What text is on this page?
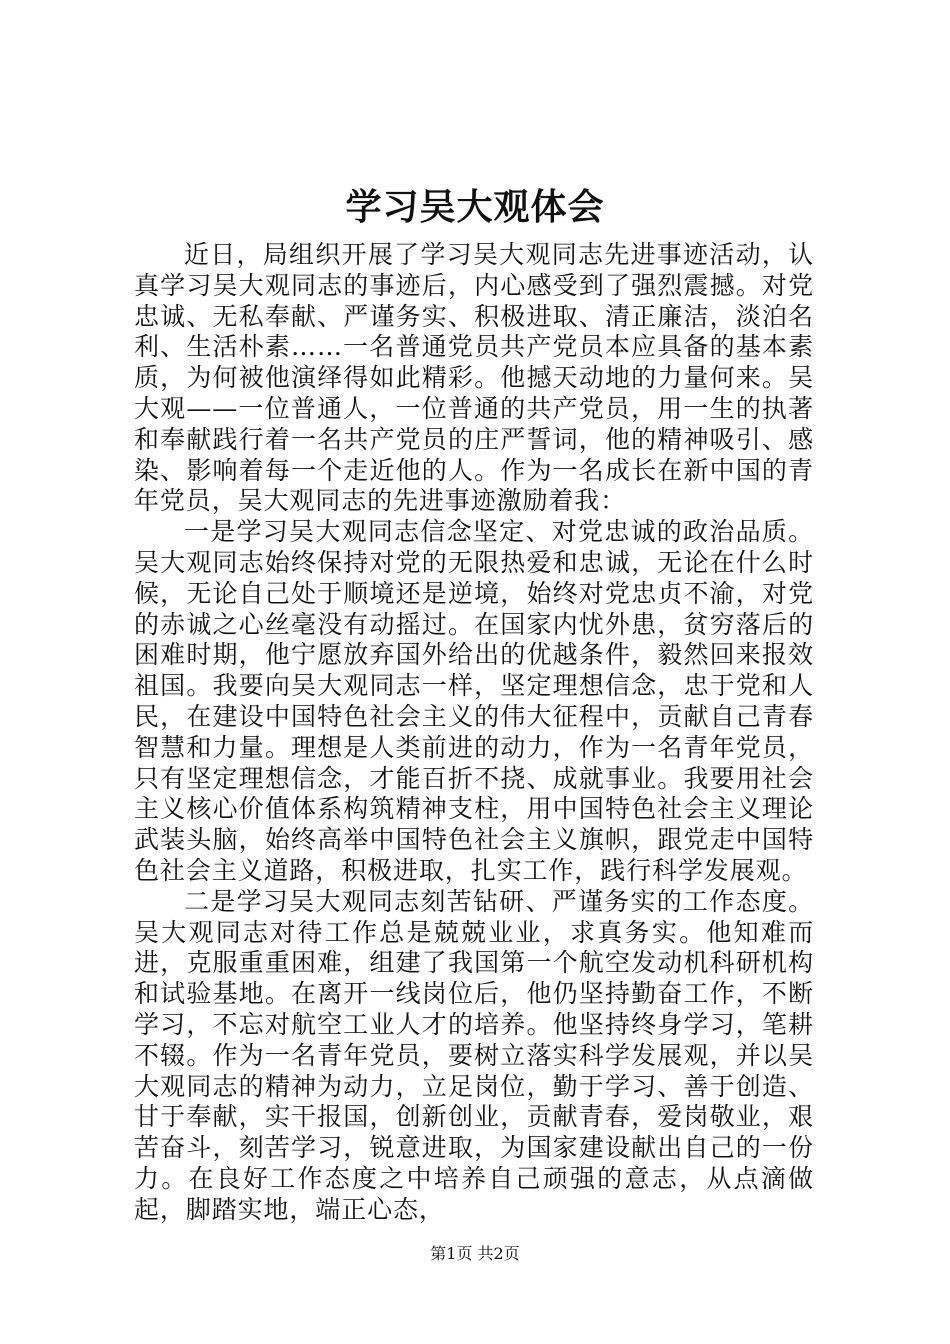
学习吴大观体会

近日，局组织开展了学习吴大观同志先进事迹活动，认真学习吴大观同志的事迹后，内心感受到了强烈震撼。对党忠诚、无私奉献、严谨务实、积极进取、清正廉洁，淡泊名利、生活朴素……一名普通党员共产党员本应具备的基本素质，为何被他演绎得如此精彩。他撼天动地的力量何来。吴大观——一位普通人，一位普通的共产党员，用一生的执著和奉献践行着一名共产党员的庄严誓词，他的精神吸引、感染、影响着每一个走近他的人。作为一名成长在新中国的青年党员，吴大观同志的先进事迹激励着我：

一是学习吴大观同志信念坚定、对党忠诚的政治品质。吴大观同志始终保持对党的无限热爱和忠诚，无论在什么时候，无论自己处于顺境还是逆境，始终对党忠贞不渝，对党的赤诚之心丝毫没有动摇过。在国家内忧外患，贫穷落后的困难时期，他宁愿放弃国外给出的优越条件，毅然回来报效祖国。我要向吴大观同志一样，坚定理想信念，忠于党和人民，在建设中国特色社会主义的伟大征程中，贡献自己青春智慧和力量。理想是人类前进的动力，作为一名青年党员，只有坚定理想信念，才能百折不挠、成就事业。我要用社会主义核心价值体系构筑精神支柱，用中国特色社会主义理论武装头脑，始终高举中国特色社会主义旗帜，跟党走中国特色社会主义道路，积极进取，扎实工作，践行科学发展观。

二是学习吴大观同志刻苦钻研、严谨务实的工作态度。吴大观同志对待工作总是兢兢业业，求真务实。他知难而进，克服重重困难，组建了我国第一个航空发动机科研机构和试验基地。在离开一线岗位后，他仍坚持勤奋工作，不断学习，不忘对航空工业人才的培养。他坚持终身学习，笔耕不辍。作为一名青年党员，要树立落实科学发展观，并以吴大观同志的精神为动力，立足岗位，勤于学习、善于创造、甘于奉献，实干报国，创新创业，贡献青春，爱岗敬业，艰苦奋斗，刻苦学习，锐意进取，为国家建设献出自己的一份力。在良好工作态度之中培养自己顽强的意志，从点滴做起，脚踏实地，端正心态，

第1页 共2页
